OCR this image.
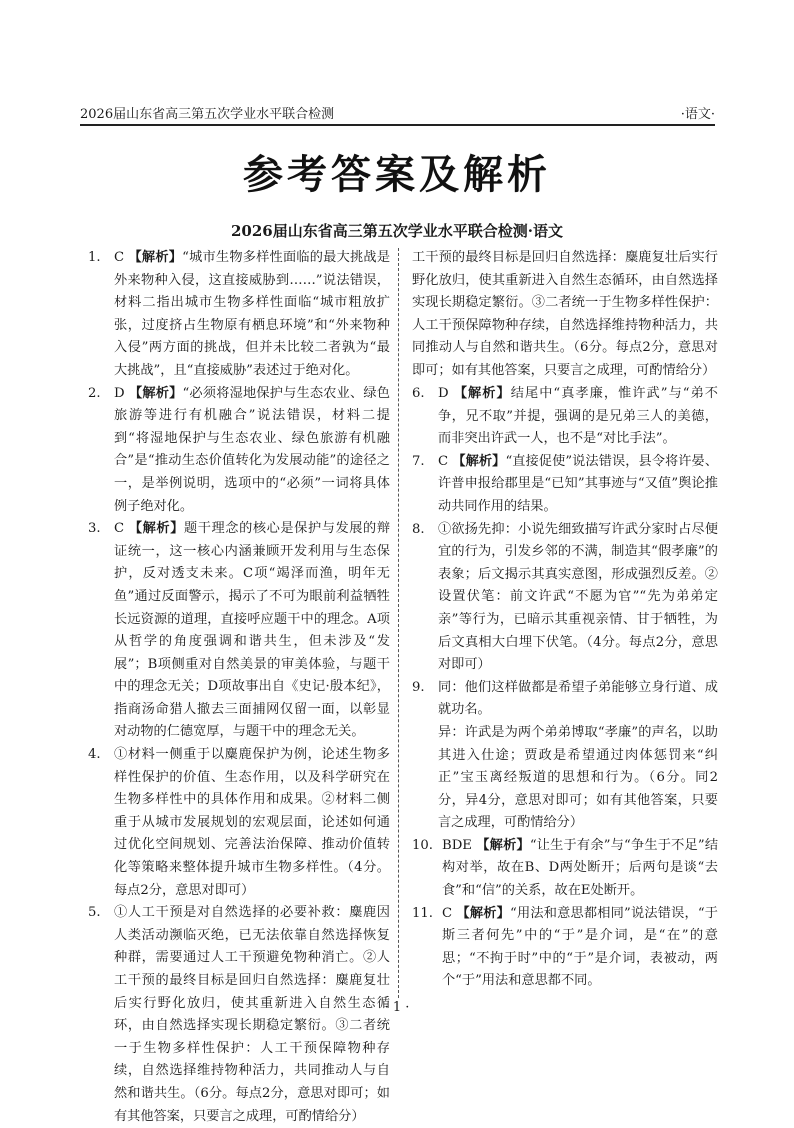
2026届山东省高三第五次学业水平联合检测	·语文·
参考答案及解析
2026届山东省高三第五次学业水平联合检测·语文

1. C 【解析】“城市生物多样性面临的最大挑战是外来物种入侵，这直接威胁到……”说法错误，材料二指出城市生物多样性面临“城市粗放扩张，过度挤占生物原有栖息环境”和“外来物种入侵”两方面的挑战，但并未比较二者孰为“最大挑战”，且“直接威胁”表述过于绝对化。

2. D 【解析】“必须将湿地保护与生态农业、绿色旅游等进行有机融合”说法错误，材料二提到“将湿地保护与生态农业、绿色旅游有机融合”是“推动生态价值转化为发展动能”的途径之一，是举例说明，选项中的“必须”一词将具体例子绝对化。

3. C 【解析】题干理念的核心是保护与发展的辩证统一，这一核心内涵兼顾开发利用与生态保护，反对透支未来。C项“竭泽而渔，明年无鱼”通过反面警示，揭示了不可为眼前利益牺牲长远资源的道理，直接呼应题干中的理念。A项从哲学的角度强调和谐共生，但未涉及“发展”；B项侧重对自然美景的审美体验，与题干中的理念无关；D项故事出自《史记·殷本纪》，指商汤命猎人撤去三面捕网仅留一面，以彰显对动物的仁德宽厚，与题干中的理念无关。

4. ①材料一侧重于以麋鹿保护为例，论述生物多样性保护的价值、生态作用，以及科学研究在生物多样性中的具体作用和成果。②材料二侧重于从城市发展规划的宏观层面，论述如何通过优化空间规划、完善法治保障、推动价值转化等策略来整体提升城市生物多样性。（4分。每点2分，意思对即可）

5. ①人工干预是对自然选择的必要补救：麋鹿因人类活动濒临灭绝，已无法依靠自然选择恢复种群，需要通过人工干预避免物种消亡。②人工干预的最终目标是回归自然选择：麋鹿复壮后实行野化放归，使其重新进入自然生态循环，由自然选择实现长期稳定繁衍。③二者统一于生物多样性保护：人工干预保障物种存续，自然选择维持物种活力，共同推动人与自然和谐共生。（6分。每点2分，意思对即可；如有其他答案，只要言之成理，可酌情给分）

工干预的最终目标是回归自然选择：麋鹿复壮后实行野化放归，使其重新进入自然生态循环，由自然选择实现长期稳定繁衍。③二者统一于生物多样性保护：人工干预保障物种存续，自然选择维持物种活力，共同推动人与自然和谐共生。（6分。每点2分，意思对即可；如有其他答案，只要言之成理，可酌情给分）

6. D 【解析】结尾中“真孝廉，惟许武”与“弟不争，兄不取”并提，强调的是兄弟三人的美德，而非突出许武一人，也不是“对比手法”。

7. C 【解析】“直接促使”说法错误，县令将许晏、许普申报给郡里是“已知”其事迹与“又值”舆论推动共同作用的结果。

8. ①欲扬先抑：小说先细致描写许武分家时占尽便宜的行为，引发乡邻的不满，制造其“假孝廉”的表象；后文揭示其真实意图，形成强烈反差。②设置伏笔：前文许武“不愿为官”“先为弟弟定亲”等行为，已暗示其重视亲情、甘于牺牲，为后文真相大白埋下伏笔。（4分。每点2分，意思对即可）

9. 同：他们这样做都是希望子弟能够立身行道、成就功名。

异：许武是为两个弟弟博取“孝廉”的声名，以助其进入仕途；贾政是希望通过肉体惩罚来“纠正”宝玉离经叛道的思想和行为。（6分。同2分，异4分，意思对即可；如有其他答案，只要言之成理，可酌情给分）

10. BDE 【解析】“让生于有余”与“争生于不足”结构对举，故在B、D两处断开；后两句是谈“去食”和“信”的关系，故在E处断开。

11. C 【解析】“用法和意思都相同”说法错误，“于斯三者何先”中的“于”是介词，是“在”的意思；“不拘于时”中的“于”是介词，表被动，两个“于”用法和意思都不同。

· 1 ·
